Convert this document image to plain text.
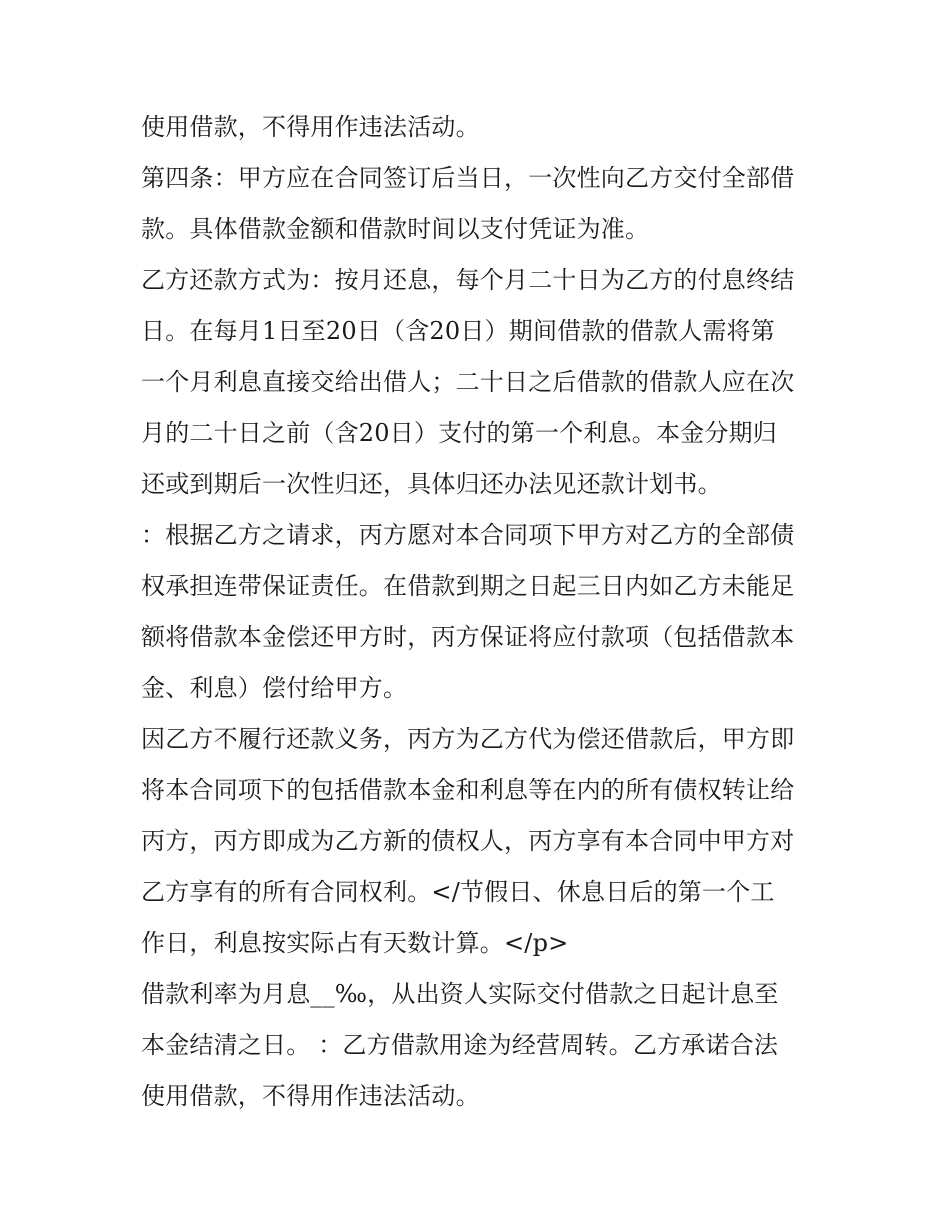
使用借款，不得用作违法活动。
第四条：甲方应在合同签订后当日，一次性向乙方交付全部借
款。具体借款金额和借款时间以支付凭证为准。
乙方还款方式为：按月还息，每个月二十日为乙方的付息终结
日。在每月1日至20日（含20日）期间借款的借款人需将第
一个月利息直接交给出借人；二十日之后借款的借款人应在次
月的二十日之前（含20日）支付的第一个利息。本金分期归
还或到期后一次性归还，具体归还办法见还款计划书。
：根据乙方之请求，丙方愿对本合同项下甲方对乙方的全部债
权承担连带保证责任。在借款到期之日起三日内如乙方未能足
额将借款本金偿还甲方时，丙方保证将应付款项（包括借款本
金、利息）偿付给甲方。
因乙方不履行还款义务，丙方为乙方代为偿还借款后，甲方即
将本合同项下的包括借款本金和利息等在内的所有债权转让给
丙方，丙方即成为乙方新的债权人，丙方享有本合同中甲方对
乙方享有的所有合同权利。</节假日、休息日后的第一个工
作日，利息按实际占有天数计算。</p>
借款利率为月息__‰，从出资人实际交付借款之日起计息至
本金结清之日。 ：乙方借款用途为经营周转。乙方承诺合法
使用借款，不得用作违法活动。
